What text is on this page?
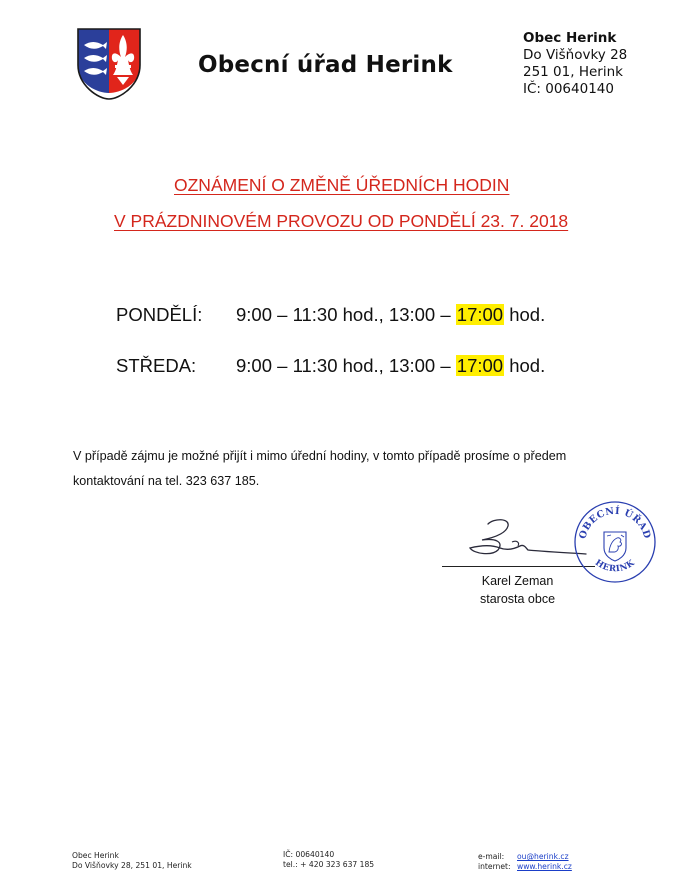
Obecní úřad Herink
Obec Herink
Do Višňovky 28
251 01, Herink
IČ: 00640140
OZNÁMENÍ O ZMĚNĚ ÚŘEDNÍCH HODIN
V PRÁZDNINOVÉM PROVOZU OD PONDĚLÍ 23. 7. 2018
PONDĚLÍ: 9:00 – 11:30 hod., 13:00 – 17:00 hod.
STŘEDA: 9:00 – 11:30 hod., 13:00 – 17:00 hod.
V případě zájmu je možné přijít i mimo úřední hodiny, v tomto případě prosíme o předem
kontaktování na tel. 323 637 185.
OBECNÍ ÚŘAD
HERINK
Karel Zeman
starosta obce
Obec Herink
Do Višňovky 28, 251 01, Herink
IČ: 00640140
tel.: + 420 323 637 185
e-mail: ou@herink.cz
internet: www.herink.cz
